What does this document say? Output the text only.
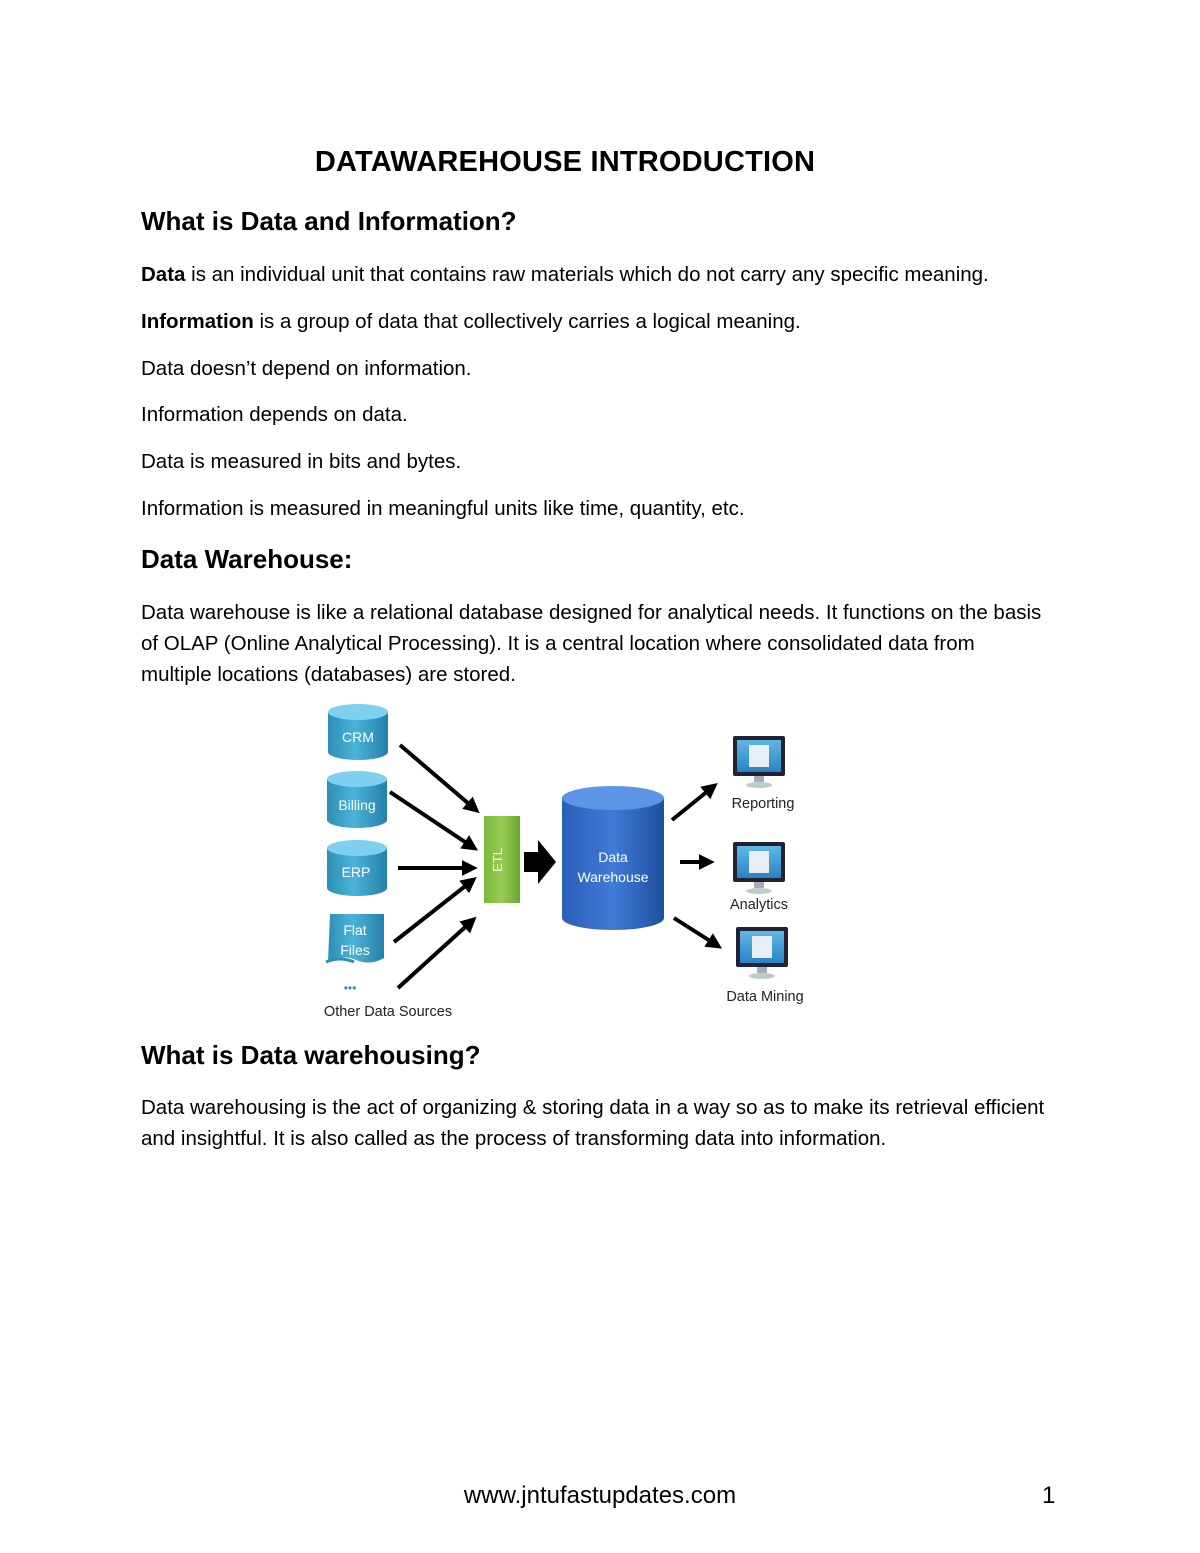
DATAWAREHOUSE INTRODUCTION
What is Data and Information?
Data is an individual unit that contains raw materials which do not carry any specific meaning.
Information is a group of data that collectively carries a logical meaning.
Data doesn’t depend on information.
Information depends on data.
Data is measured in bits and bytes.
Information is measured in meaningful units like time, quantity, etc.
Data Warehouse:
Data warehouse is like a relational database designed for analytical needs. It functions on the basis of OLAP (Online Analytical Processing). It is a central location where consolidated data from multiple locations (databases) are stored.
CRM
Billing
ERP
Flat
Files
•••
Other Data Sources
ETL	Data
Warehouse
Reporting
Analytics
Data Mining
What is Data warehousing?
Data warehousing is the act of organizing & storing data in a way so as to make its retrieval efficient and insightful. It is also called as the process of transforming data into information.
www.jntufastupdates.com	1
